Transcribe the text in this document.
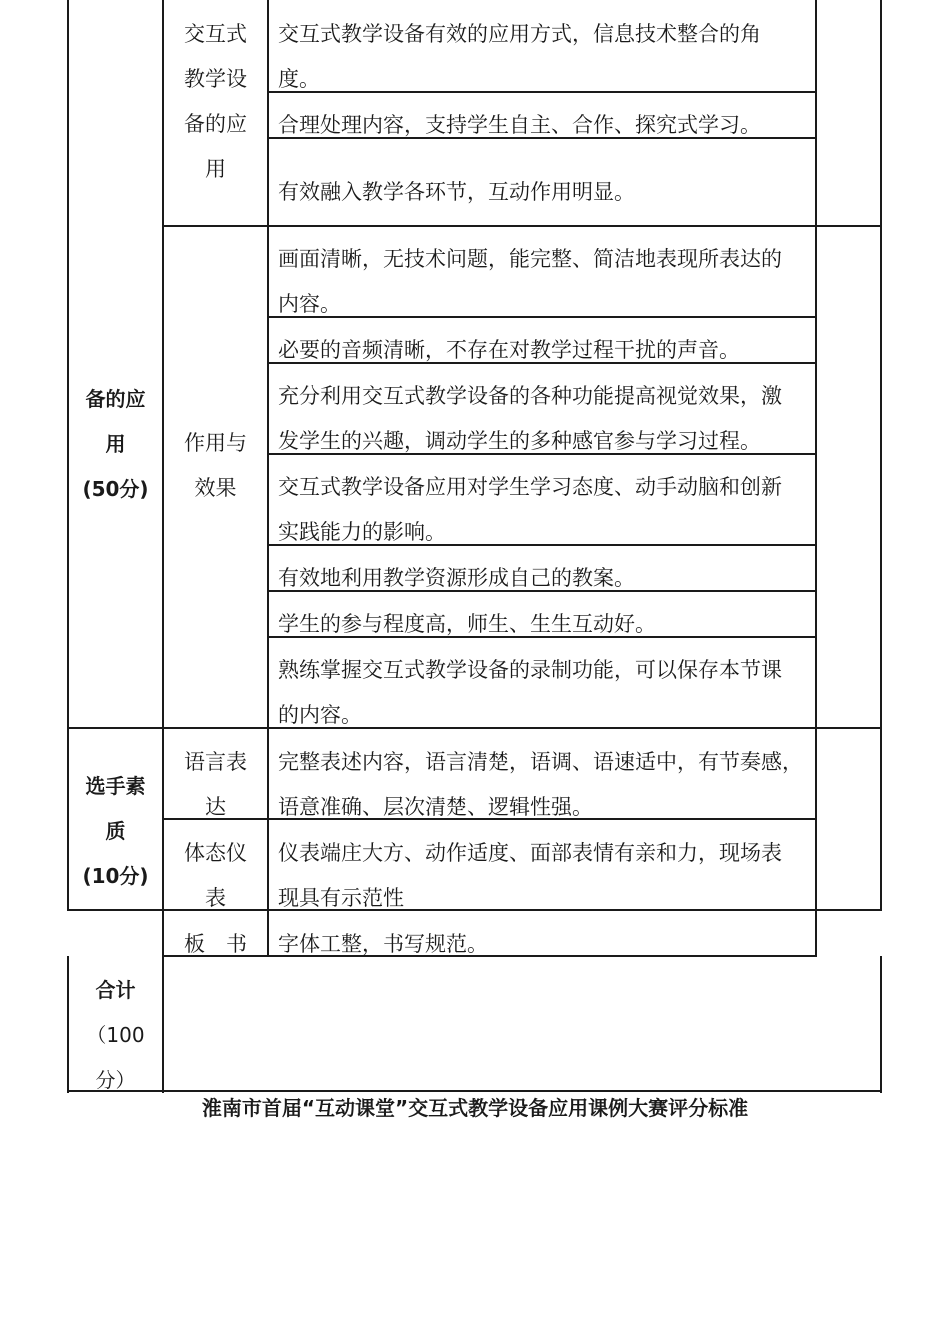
备的应
用
(50分)
交互式
教学设
备的应
用
交互式教学设备有效的应用方式，信息技术整合的角
度。
合理处理内容，支持学生自主、合作、探究式学习。
有效融入教学各环节，互动作用明显。
作用与
效果
画面清晰，无技术问题，能完整、简洁地表现所表达的
内容。
必要的音频清晰，不存在对教学过程干扰的声音。
充分利用交互式教学设备的各种功能提高视觉效果，激
发学生的兴趣，调动学生的多种感官参与学习过程。
交互式教学设备应用对学生学习态度、动手动脑和创新
实践能力的影响。
有效地利用教学资源形成自己的教案。
学生的参与程度高，师生、生生互动好。
熟练掌握交互式教学设备的录制功能，可以保存本节课
的内容。
选手素
质
(10分)
语言表
达
完整表述内容，语言清楚，语调、语速适中，有节奏感，
语意准确、层次清楚、逻辑性强。
体态仪
表
仪表端庄大方、动作适度、面部表情有亲和力，现场表
现具有示范性
板　书	字体工整，书写规范。
合计
（100
分）
淮南市首届“互动课堂”交互式教学设备应用课例大赛评分标准
